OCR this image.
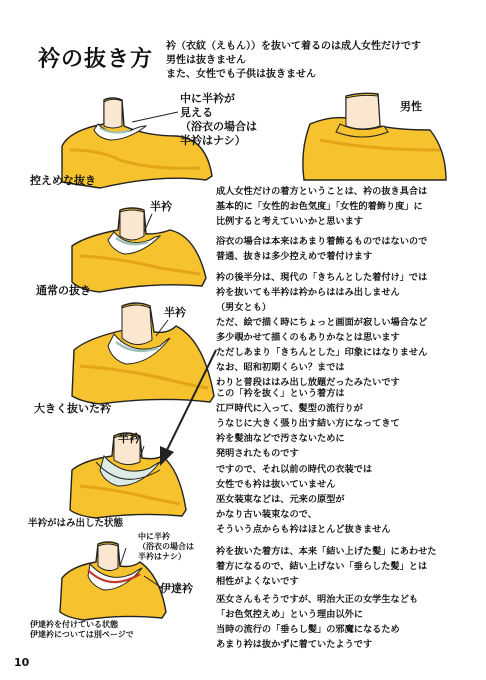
衿の抜き方
衿（衣紋（えもん））を抜いて着るのは成人女性だけです
男性は抜きません
また、女性でも子供は抜きません
中に半衿が
見える
（浴衣の場合は
半衿はナシ）
控えめな抜き
男性
半衿
通常の抜き
半衿
大きく抜いた衿
半衿
半衿がはみ出した状態
中に半衿
（浴衣の場合は
半衿はナシ）
伊達衿
伊達衿を付けている状態
伊達衿については別ページで
成人女性だけの着方ということは、衿の抜き具合は
基本的に「女性的お色気度」「女性的着飾り度」に
比例すると考えていいかと思います
浴衣の場合は本来はあまり着飾るものではないので
普通、抜きは多少控えめで着付けます
衿の後半分は、現代の「きちんとした着付け」では
衿を抜いても半衿は衿からははみ出しません
（男女とも）
ただ、絵で描く時にちょっと画面が寂しい場合など
多少覗かせて描くのもありかなとは思います
ただしあまり「きちんとした」印象にはなりません
なお、昭和初期くらい？までは
わりと普段ははみ出し放題だったみたいです
この「衿を抜く」という着方は
江戸時代に入って、髪型の流行りが
うなじに大きく張り出す結い方になってきて
衿を髪油などで汚さないために
発明されたものです
ですので、それ以前の時代の衣装では
女性でも衿は抜いていません
巫女装束などは、元来の原型が
かなり古い装束なので、
そういう点からも衿はほとんど抜きません
衿を抜いた着方は、本来「結い上げた髪」にあわせた
着方になるので、結い上げない「垂らした髪」とは
相性がよくないです
巫女さんもそうですが、明治大正の女学生なども
「お色気控えめ」という理由以外に
当時の流行の「垂らし髪」の邪魔になるため
あまり衿は抜かずに着ていたようです
10
